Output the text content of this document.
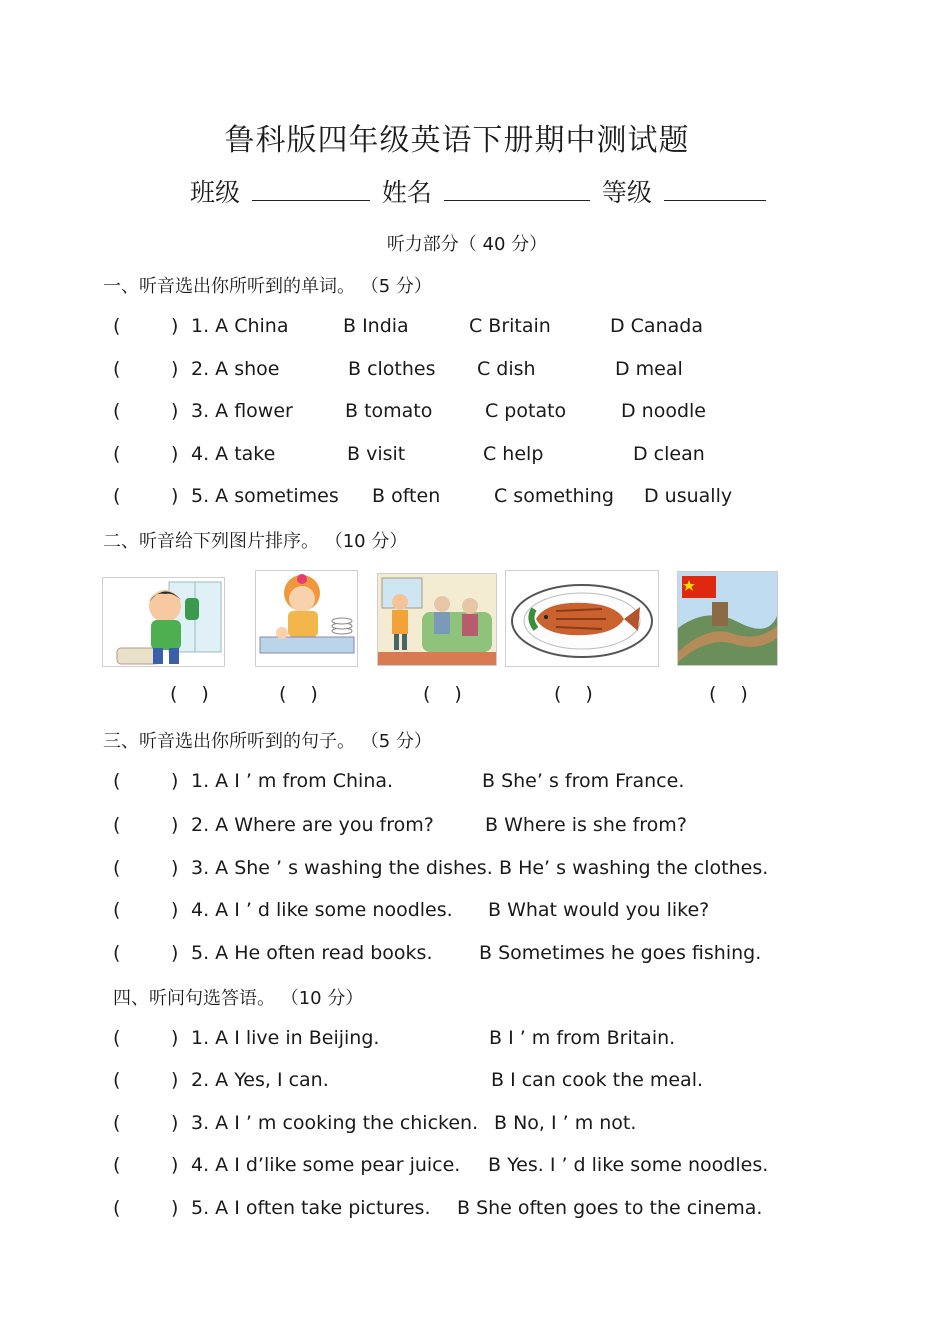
鲁科版四年级英语下册期中测试题
班级	姓名	等级
听力部分（ 40 分）
一、听音选出你所听到的单词。 （5 分）
(	) 1. A China	B India	C Britain	D Canada
(	) 2. A shoe	B clothes C dish	D meal
(	) 3. A flower	B tomato	C potato	D noodle
(	) 4. A take	B visit	C help	D clean
(	) 5. A sometimes B often	C something D usually
二、听音给下列图片排序。 （10 分）
( )	( )	( )	( )	( )
三、听音选出你所听到的句子。 （5 分）
(	) 1. A I ’ m from China.	B She’ s from France.
(	) 2. A Where are you from?	B Where is she from?
(	) 3. A She ’ s washing the dishes. B He’ s washing the clothes.
(	) 4. A I ’ d like some noodles. B What would you like?
(	) 5. A He often read books. B Sometimes he goes fishing.
四、听问句选答语。 （10 分）
(	) 1. A I live in Beijing.	B I ’ m from Britain.
(	) 2. A Yes, I can.	B I can cook the meal.
(	) 3. A I ’ m cooking the chicken. B No, I ’ m not.
(	) 4. A I d’like some pear juice. B Yes. I ’ d like some noodles.
(	) 5. A I often take pictures. B She often goes to the cinema.
